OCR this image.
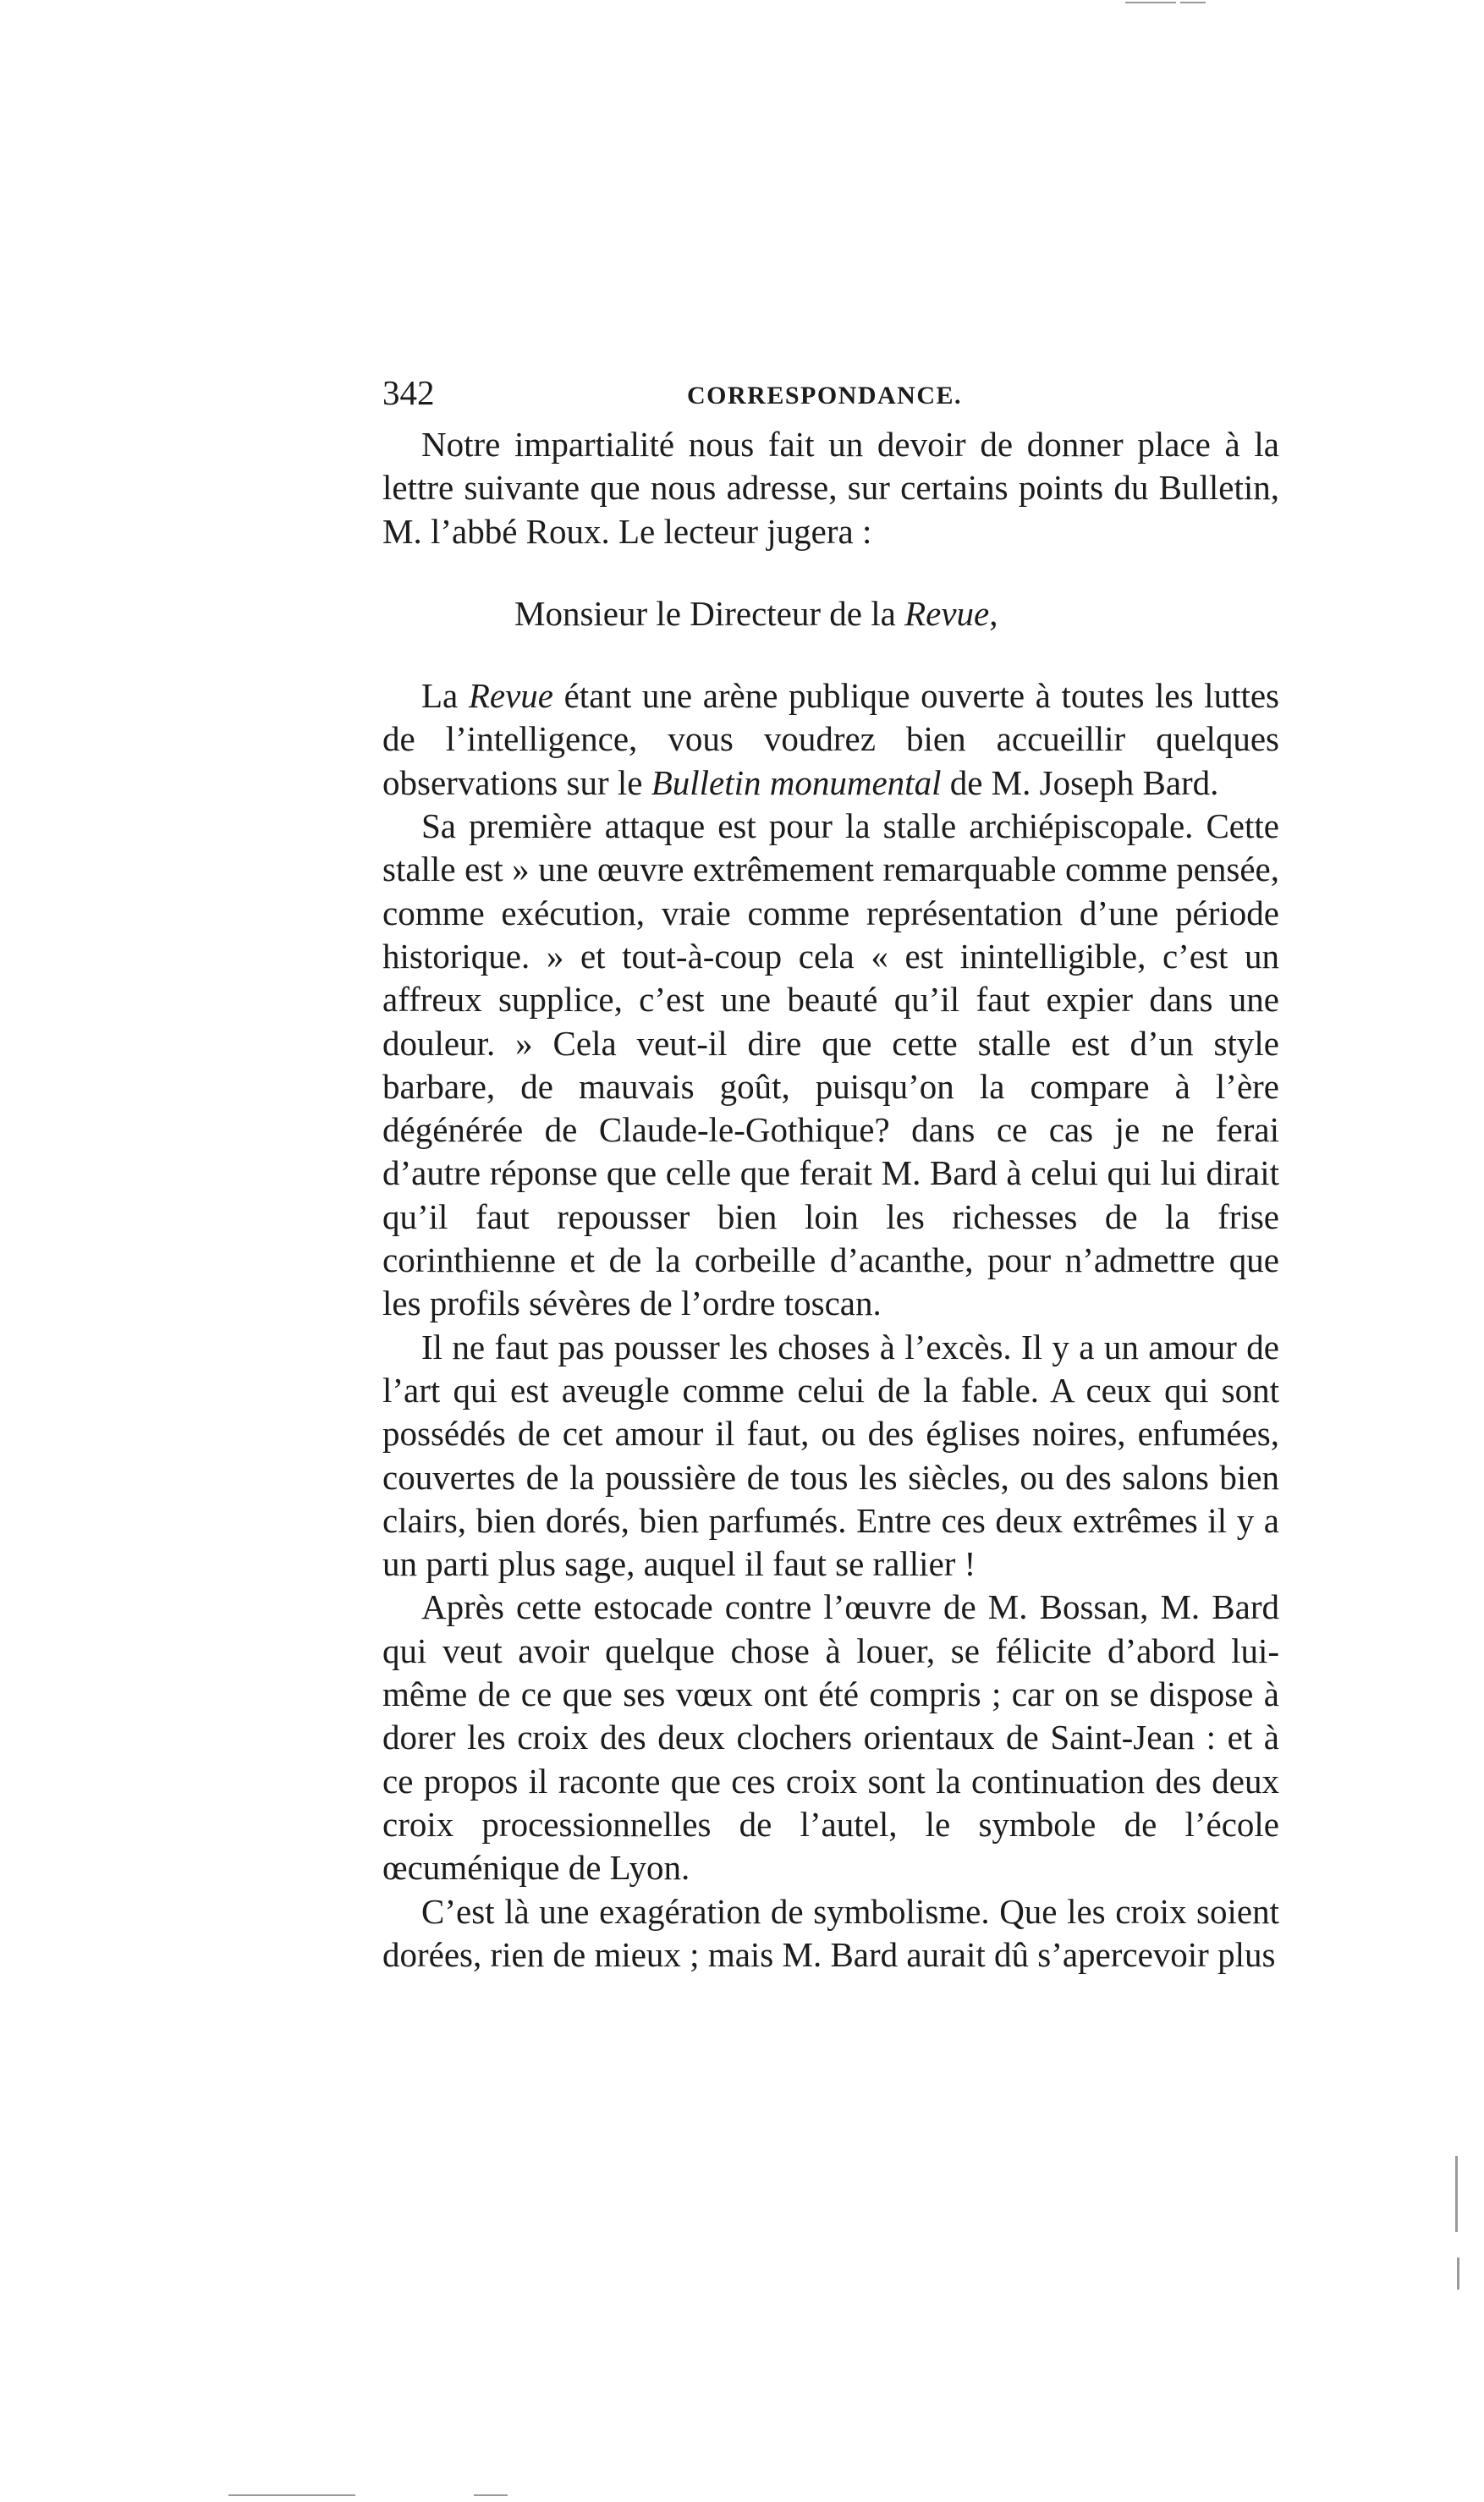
342	CORRESPONDANCE.

Notre impartialité nous fait un devoir de donner place à la lettre suivante que nous adresse, sur certains points du Bulletin, M. l’abbé Roux. Le lecteur jugera :

Monsieur le Directeur de la Revue,

La Revue étant une arène publique ouverte à toutes les luttes de l’intelligence, vous voudrez bien accueillir quelques observations sur le Bulletin monumental de M. Joseph Bard.

Sa première attaque est pour la stalle archiépiscopale. Cette stalle est » une œuvre extrêmement remarquable comme pensée, comme exécution, vraie comme représentation d’une période historique. » et tout-à-coup cela « est inintelligible, c’est un affreux supplice, c’est une beauté qu’il faut expier dans une douleur. » Cela veut-il dire que cette stalle est d’un style barbare, de mauvais goût, puisqu’on la compare à l’ère dégénérée de Claude-le-Gothique? dans ce cas je ne ferai d’autre réponse que celle que ferait M. Bard à celui qui lui dirait qu’il faut repousser bien loin les richesses de la frise corinthienne et de la corbeille d’acanthe, pour n’admettre que les profils sévères de l’ordre toscan.

Il ne faut pas pousser les choses à l’excès. Il y a un amour de l’art qui est aveugle comme celui de la fable. A ceux qui sont possédés de cet amour il faut, ou des églises noires, enfumées, couvertes de la poussière de tous les siècles, ou des salons bien clairs, bien dorés, bien parfumés. Entre ces deux extrêmes il y a un parti plus sage, auquel il faut se rallier !

Après cette estocade contre l’œuvre de M. Bossan, M. Bard qui veut avoir quelque chose à louer, se félicite d’abord lui-même de ce que ses vœux ont été compris ; car on se dispose à dorer les croix des deux clochers orientaux de Saint-Jean : et à ce propos il raconte que ces croix sont la continuation des deux croix processionnelles de l’autel, le symbole de l’école œcuménique de Lyon.

C’est là une exagération de symbolisme. Que les croix soient dorées, rien de mieux ; mais M. Bard aurait dû s’apercevoir plus
